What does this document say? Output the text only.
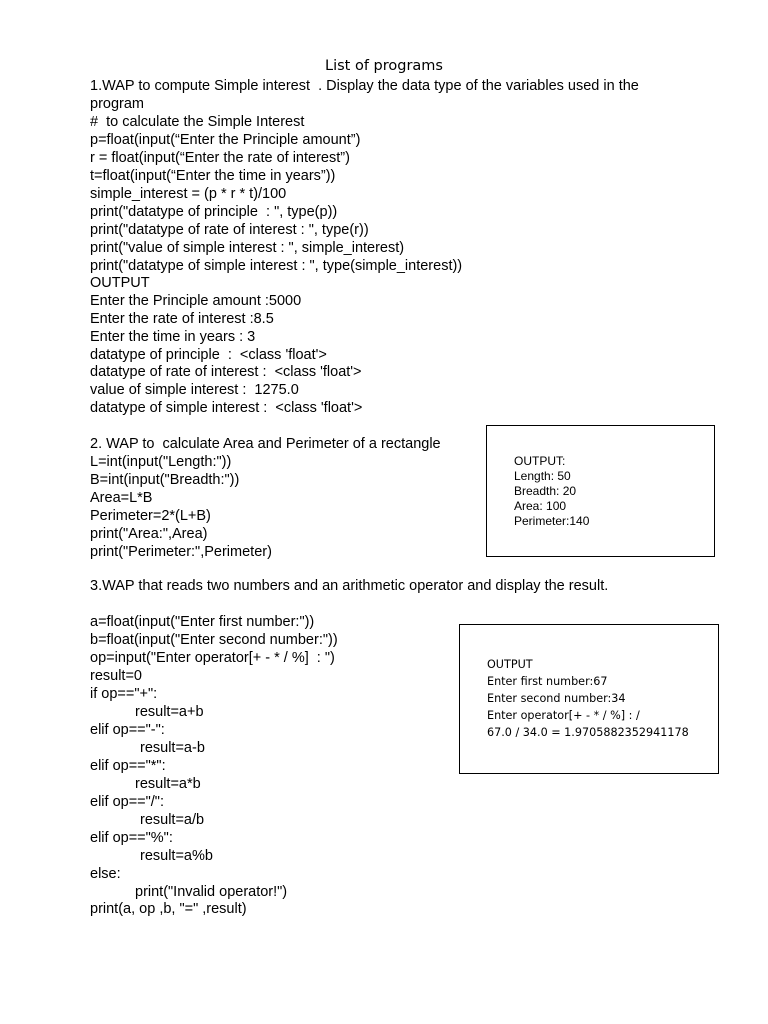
List of programs
1.WAP to compute Simple interest  . Display the data type of the variables used in the
program
#  to calculate the Simple Interest
p=float(input(“Enter the Principle amount”)
r = float(input(“Enter the rate of interest”)
t=float(input(“Enter the time in years”))
simple_interest = (p * r * t)/100
print("datatype of principle  : ", type(p))
print("datatype of rate of interest : ", type(r))
print("value of simple interest : ", simple_interest)
print("datatype of simple interest : ", type(simple_interest))
OUTPUT
Enter the Principle amount :5000
Enter the rate of interest :8.5
Enter the time in years : 3
datatype of principle  :  <class 'float'>
datatype of rate of interest :  <class 'float'>
value of simple interest :  1275.0
datatype of simple interest :  <class 'float'>
2. WAP to  calculate Area and Perimeter of a rectangle
L=int(input("Length:"))
B=int(input("Breadth:"))
Area=L*B
Perimeter=2*(L+B)
print("Area:",Area)
print("Perimeter:",Perimeter)
OUTPUT:
Length: 50
Breadth: 20
Area: 100
Perimeter:140
3.WAP that reads two numbers and an arithmetic operator and display the result.
a=float(input("Enter first number:"))
b=float(input("Enter second number:"))
op=input("Enter operator[+ - * / %]  : ")
result=0
if op=="+":
result=a+b
elif op=="-":
result=a-b
elif op=="*":
result=a*b
elif op=="/":
result=a/b
elif op=="%":
result=a%b
else:
print("Invalid operator!")
print(a, op ,b, "=" ,result)
OUTPUT
Enter first number:67
Enter second number:34
Enter operator[+ - * / %] : /
67.0 / 34.0 = 1.9705882352941178
